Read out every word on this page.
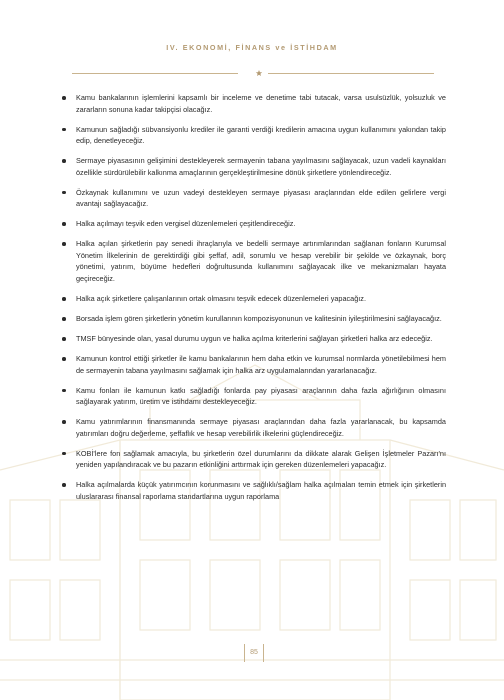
IV. EKONOMİ, FİNANS ve İSTİHDAM
Kamu bankalarının işlemlerini kapsamlı bir inceleme ve denetime tabi tutacak, varsa usulsüzlük, yolsuzluk ve zararların sonuna kadar takipçisi olacağız.
Kamunun sağladığı sübvansiyonlu krediler ile garanti verdiği kredilerin amacına uygun kullanımını yakından takip edip, denetleyeceğiz.
Sermaye piyasasının gelişimini destekleyerek sermayenin tabana yayılmasını sağlayacak, uzun vadeli kaynakları özellikle sürdürülebilir kalkınma amaçlarının gerçekleştirilmesine dönük şirketlere yönlendireceğiz.
Özkaynak kullanımını ve uzun vadeyi destekleyen sermaye piyasası araçlarından elde edilen gelirlere vergi avantajı sağlayacağız.
Halka açılmayı teşvik eden vergisel düzenlemeleri çeşitlendireceğiz.
Halka açılan şirketlerin pay senedi ihraçlarıyla ve bedelli sermaye artırımlarından sağlanan fonların Kurumsal Yönetim İlkelerinin de gerektirdiği gibi şeffaf, adil, sorumlu ve hesap verebilir bir şekilde ve özkaynak, borç yönetimi, yatırım, büyüme hedefleri doğrultusunda kullanımını sağlayacak ilke ve mekanizmaları hayata geçireceğiz.
Halka açık şirketlere çalışanlarının ortak olmasını teşvik edecek düzenlemeleri yapacağız.
Borsada işlem gören şirketlerin yönetim kurullarının kompozisyonunun ve kalitesinin iyileştirilmesini sağlayacağız.
TMSF bünyesinde olan, yasal durumu uygun ve halka açılma kriterlerini sağlayan şirketleri halka arz edeceğiz.
Kamunun kontrol ettiği şirketler ile kamu bankalarının hem daha etkin ve kurumsal normlarda yönetilebilmesi hem de sermayenin tabana yayılmasını sağlamak için halka arz uygulamalarından yararlanacağız.
Kamu fonları ile kamunun katkı sağladığı fonlarda pay piyasası araçlarının daha fazla ağırlığının olmasını sağlayarak yatırım, üretim ve istihdamı destekleyeceğiz.
Kamu yatırımlarının finansmanında sermaye piyasası araçlarından daha fazla yararlanacak, bu kapsamda yatırımları doğru değerleme, şeffaflık ve hesap verebilirlik ilkelerini güçlendireceğiz.
KOBİ'lere fon sağlamak amacıyla, bu şirketlerin özel durumlarını da dikkate alarak Gelişen İşletmeler Pazarı'nı yeniden yapılandıracak ve bu pazarın etkinliğini arttırmak için gereken düzenlemeleri yapacağız.
Halka açılmalarda küçük yatırımcının korunmasını ve sağlıklı/sağlam halka açılmaları temin etmek için şirketlerin uluslararası finansal raporlama standartlarına uygun raporlama
85
